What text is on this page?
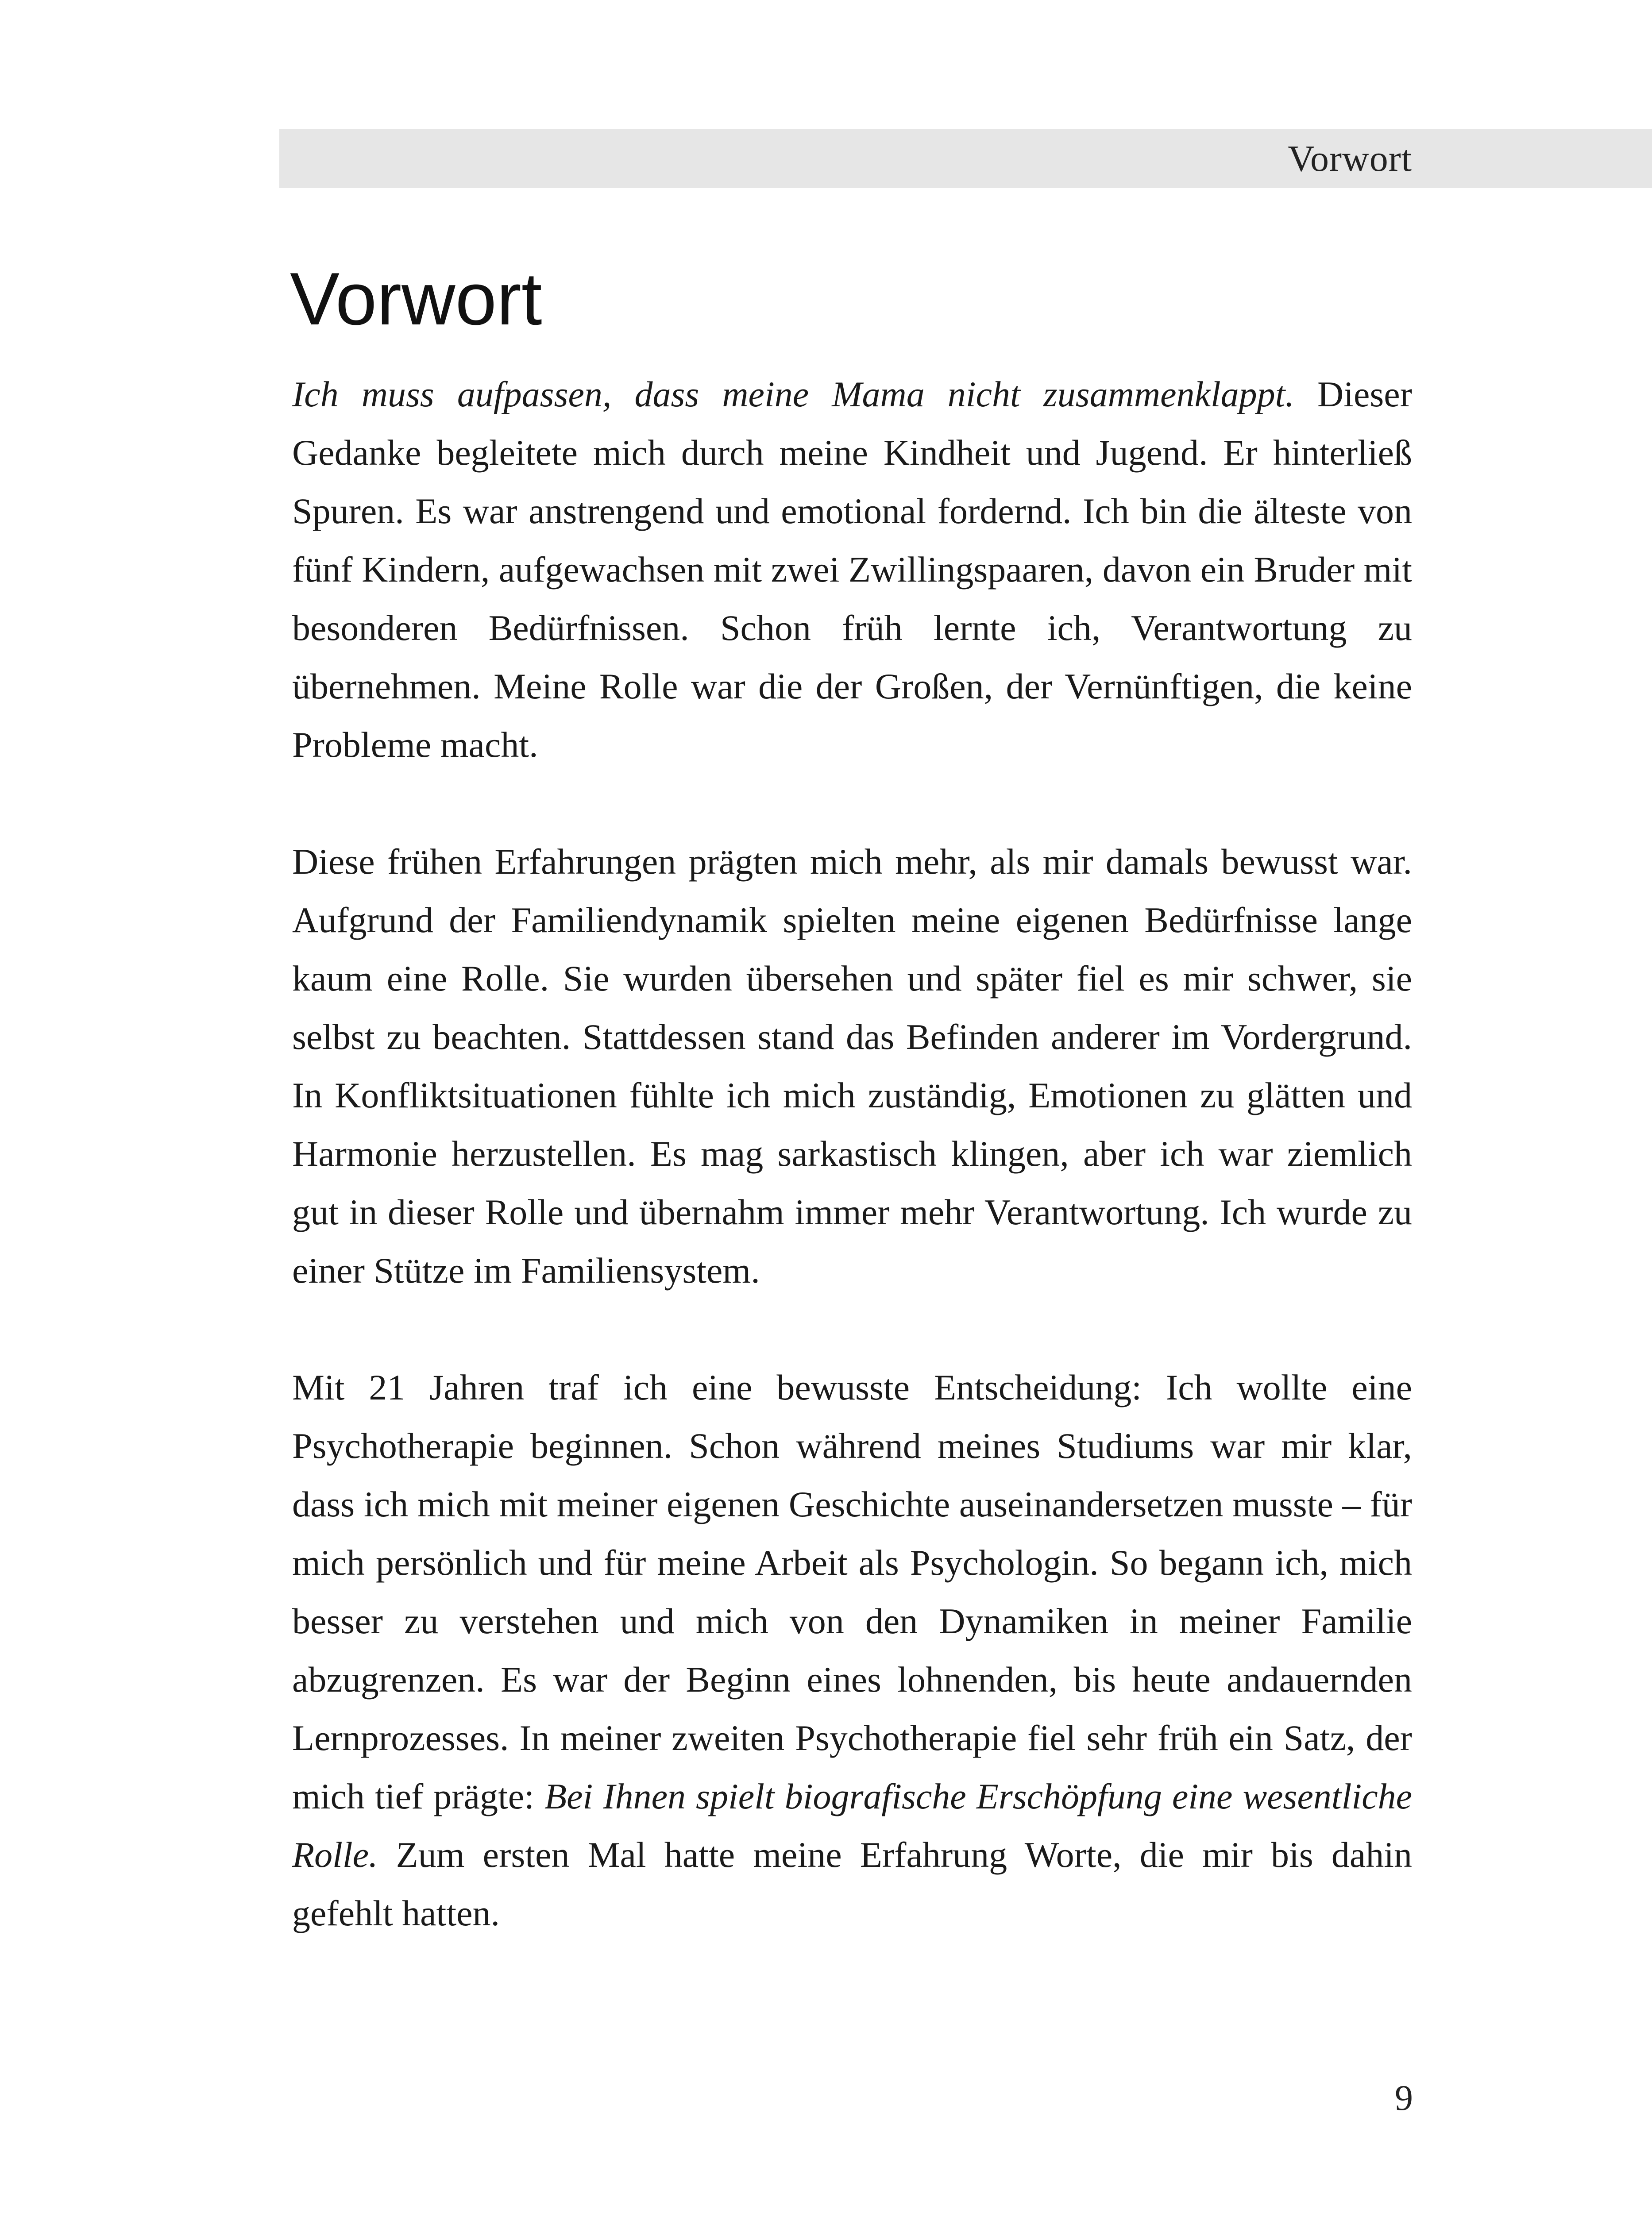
Vorwort
Vorwort

Ich muss aufpassen, dass meine Mama nicht zusammenklappt. Dieser Gedanke begleitete mich durch meine Kindheit und Jugend. Er hinterließ Spuren. Es war anstrengend und emotional fordernd. Ich bin die älteste von fünf Kindern, aufgewachsen mit zwei Zwillingspaaren, davon ein Bruder mit besonderen Bedürfnissen. Schon früh lernte ich, Verantwortung zu übernehmen. Meine Rolle war die der Großen, der Vernünftigen, die keine Probleme macht.

Diese frühen Erfahrungen prägten mich mehr, als mir damals bewusst war. Aufgrund der Familiendynamik spielten meine eigenen Bedürfnisse lange kaum eine Rolle. Sie wurden übersehen und später fiel es mir schwer, sie selbst zu beachten. Stattdessen stand das Befinden anderer im Vordergrund. In Konfliktsituationen fühlte ich mich zuständig, Emotionen zu glätten und Harmonie herzustellen. Es mag sarkastisch klingen, aber ich war ziemlich gut in dieser Rolle und übernahm immer mehr Verantwortung. Ich wurde zu einer Stütze im Familiensystem.

Mit 21 Jahren traf ich eine bewusste Entscheidung: Ich wollte eine Psychotherapie beginnen. Schon während meines Studiums war mir klar, dass ich mich mit meiner eigenen Geschichte auseinandersetzen musste – für mich persönlich und für meine Arbeit als Psychologin. So begann ich, mich besser zu verstehen und mich von den Dynamiken in meiner Familie abzugrenzen. Es war der Beginn eines lohnenden, bis heute andauernden Lernprozesses. In meiner zweiten Psychotherapie fiel sehr früh ein Satz, der mich tief prägte: Bei Ihnen spielt biografische Erschöpfung eine wesentliche Rolle. Zum ersten Mal hatte meine Erfahrung Worte, die mir bis dahin gefehlt hatten.

9
